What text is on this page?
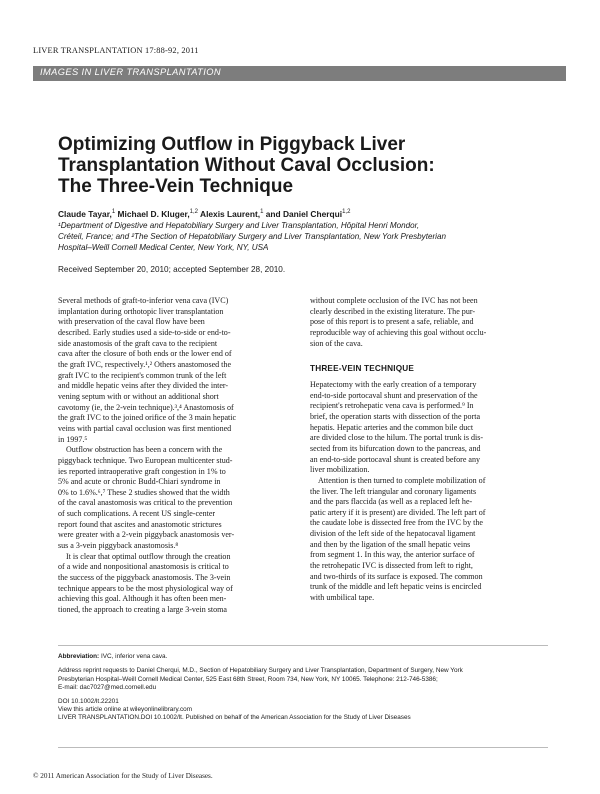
LIVER TRANSPLANTATION 17:88-92, 2011
IMAGES IN LIVER TRANSPLANTATION
Optimizing Outflow in Piggyback Liver
Transplantation Without Caval Occlusion:
The Three-Vein Technique
Claude Tayar,$^1$ Michael D. Kluger,$^{1,2}$ Alexis Laurent,$^1$ and Daniel Cherqui$^{1,2}$
¹Department of Digestive and Hepatobiliary Surgery and Liver Transplantation, Hôpital Henri Mondor,
Créteil, France; and ²The Section of Hepatobiliary Surgery and Liver Transplantation, New York Presbyterian
Hospital–Weill Cornell Medical Center, New York, NY, USA
Received September 20, 2010; accepted September 28, 2010.

Several methods of graft-to-inferior vena cava (IVC)
implantation during orthotopic liver transplantation
with preservation of the caval flow have been
described. Early studies used a side-to-side or end-to-
side anastomosis of the graft cava to the recipient
cava after the closure of both ends or the lower end of
the graft IVC, respectively.¹,² Others anastomosed the
graft IVC to the recipient's common trunk of the left
and middle hepatic veins after they divided the inter-
vening septum with or without an additional short
cavotomy (ie, the 2-vein technique).³,⁴ Anastomosis of
the graft IVC to the joined orifice of the 3 main hepatic
veins with partial caval occlusion was first mentioned
in 1997.⁵

Outflow obstruction has been a concern with the
piggyback technique. Two European multicenter stud-
ies reported intraoperative graft congestion in 1% to
5% and acute or chronic Budd-Chiari syndrome in
0% to 1.6%.⁶,⁷ These 2 studies showed that the width
of the caval anastomosis was critical to the prevention
of such complications. A recent US single-center
report found that ascites and anastomotic strictures
were greater with a 2-vein piggyback anastomosis ver-
sus a 3-vein piggyback anastomosis.⁸

It is clear that optimal outflow through the creation
of a wide and nonpositional anastomosis is critical to
the success of the piggyback anastomosis. The 3-vein
technique appears to be the most physiological way of
achieving this goal. Although it has often been men-
tioned, the approach to creating a large 3-vein stoma

without complete occlusion of the IVC has not been
clearly described in the existing literature. The pur-
pose of this report is to present a safe, reliable, and
reproducible way of achieving this goal without occlu-
sion of the cava.

THREE-VEIN TECHNIQUE

Hepatectomy with the early creation of a temporary
end-to-side portocaval shunt and preservation of the
recipient's retrohepatic vena cava is performed.⁹ In
brief, the operation starts with dissection of the porta
hepatis. Hepatic arteries and the common bile duct
are divided close to the hilum. The portal trunk is dis-
sected from its bifurcation down to the pancreas, and
an end-to-side portocaval shunt is created before any
liver mobilization.

Attention is then turned to complete mobilization of
the liver. The left triangular and coronary ligaments
and the pars flaccida (as well as a replaced left he-
patic artery if it is present) are divided. The left part of
the caudate lobe is dissected free from the IVC by the
division of the left side of the hepatocaval ligament
and then by the ligation of the small hepatic veins
from segment 1. In this way, the anterior surface of
the retrohepatic IVC is dissected from left to right,
and two-thirds of its surface is exposed. The common
trunk of the middle and left hepatic veins is encircled
with umbilical tape.

Abbreviation: IVC, inferior vena cava.
Address reprint requests to Daniel Cherqui, M.D., Section of Hepatobiliary Surgery and Liver Transplantation, Department of Surgery, New York
Presbyterian Hospital–Weill Cornell Medical Center, 525 East 68th Street, Room 734, New York, NY 10065. Telephone: 212-746-5386;
E-mail: dac7027@med.cornell.edu
DOI 10.1002/lt.22201
View this article online at wileyonlinelibrary.com
LIVER TRANSPLANTATION.DOI 10.1002/lt. Published on behalf of the American Association for the Study of Liver Diseases
© 2011 American Association for the Study of Liver Diseases.
